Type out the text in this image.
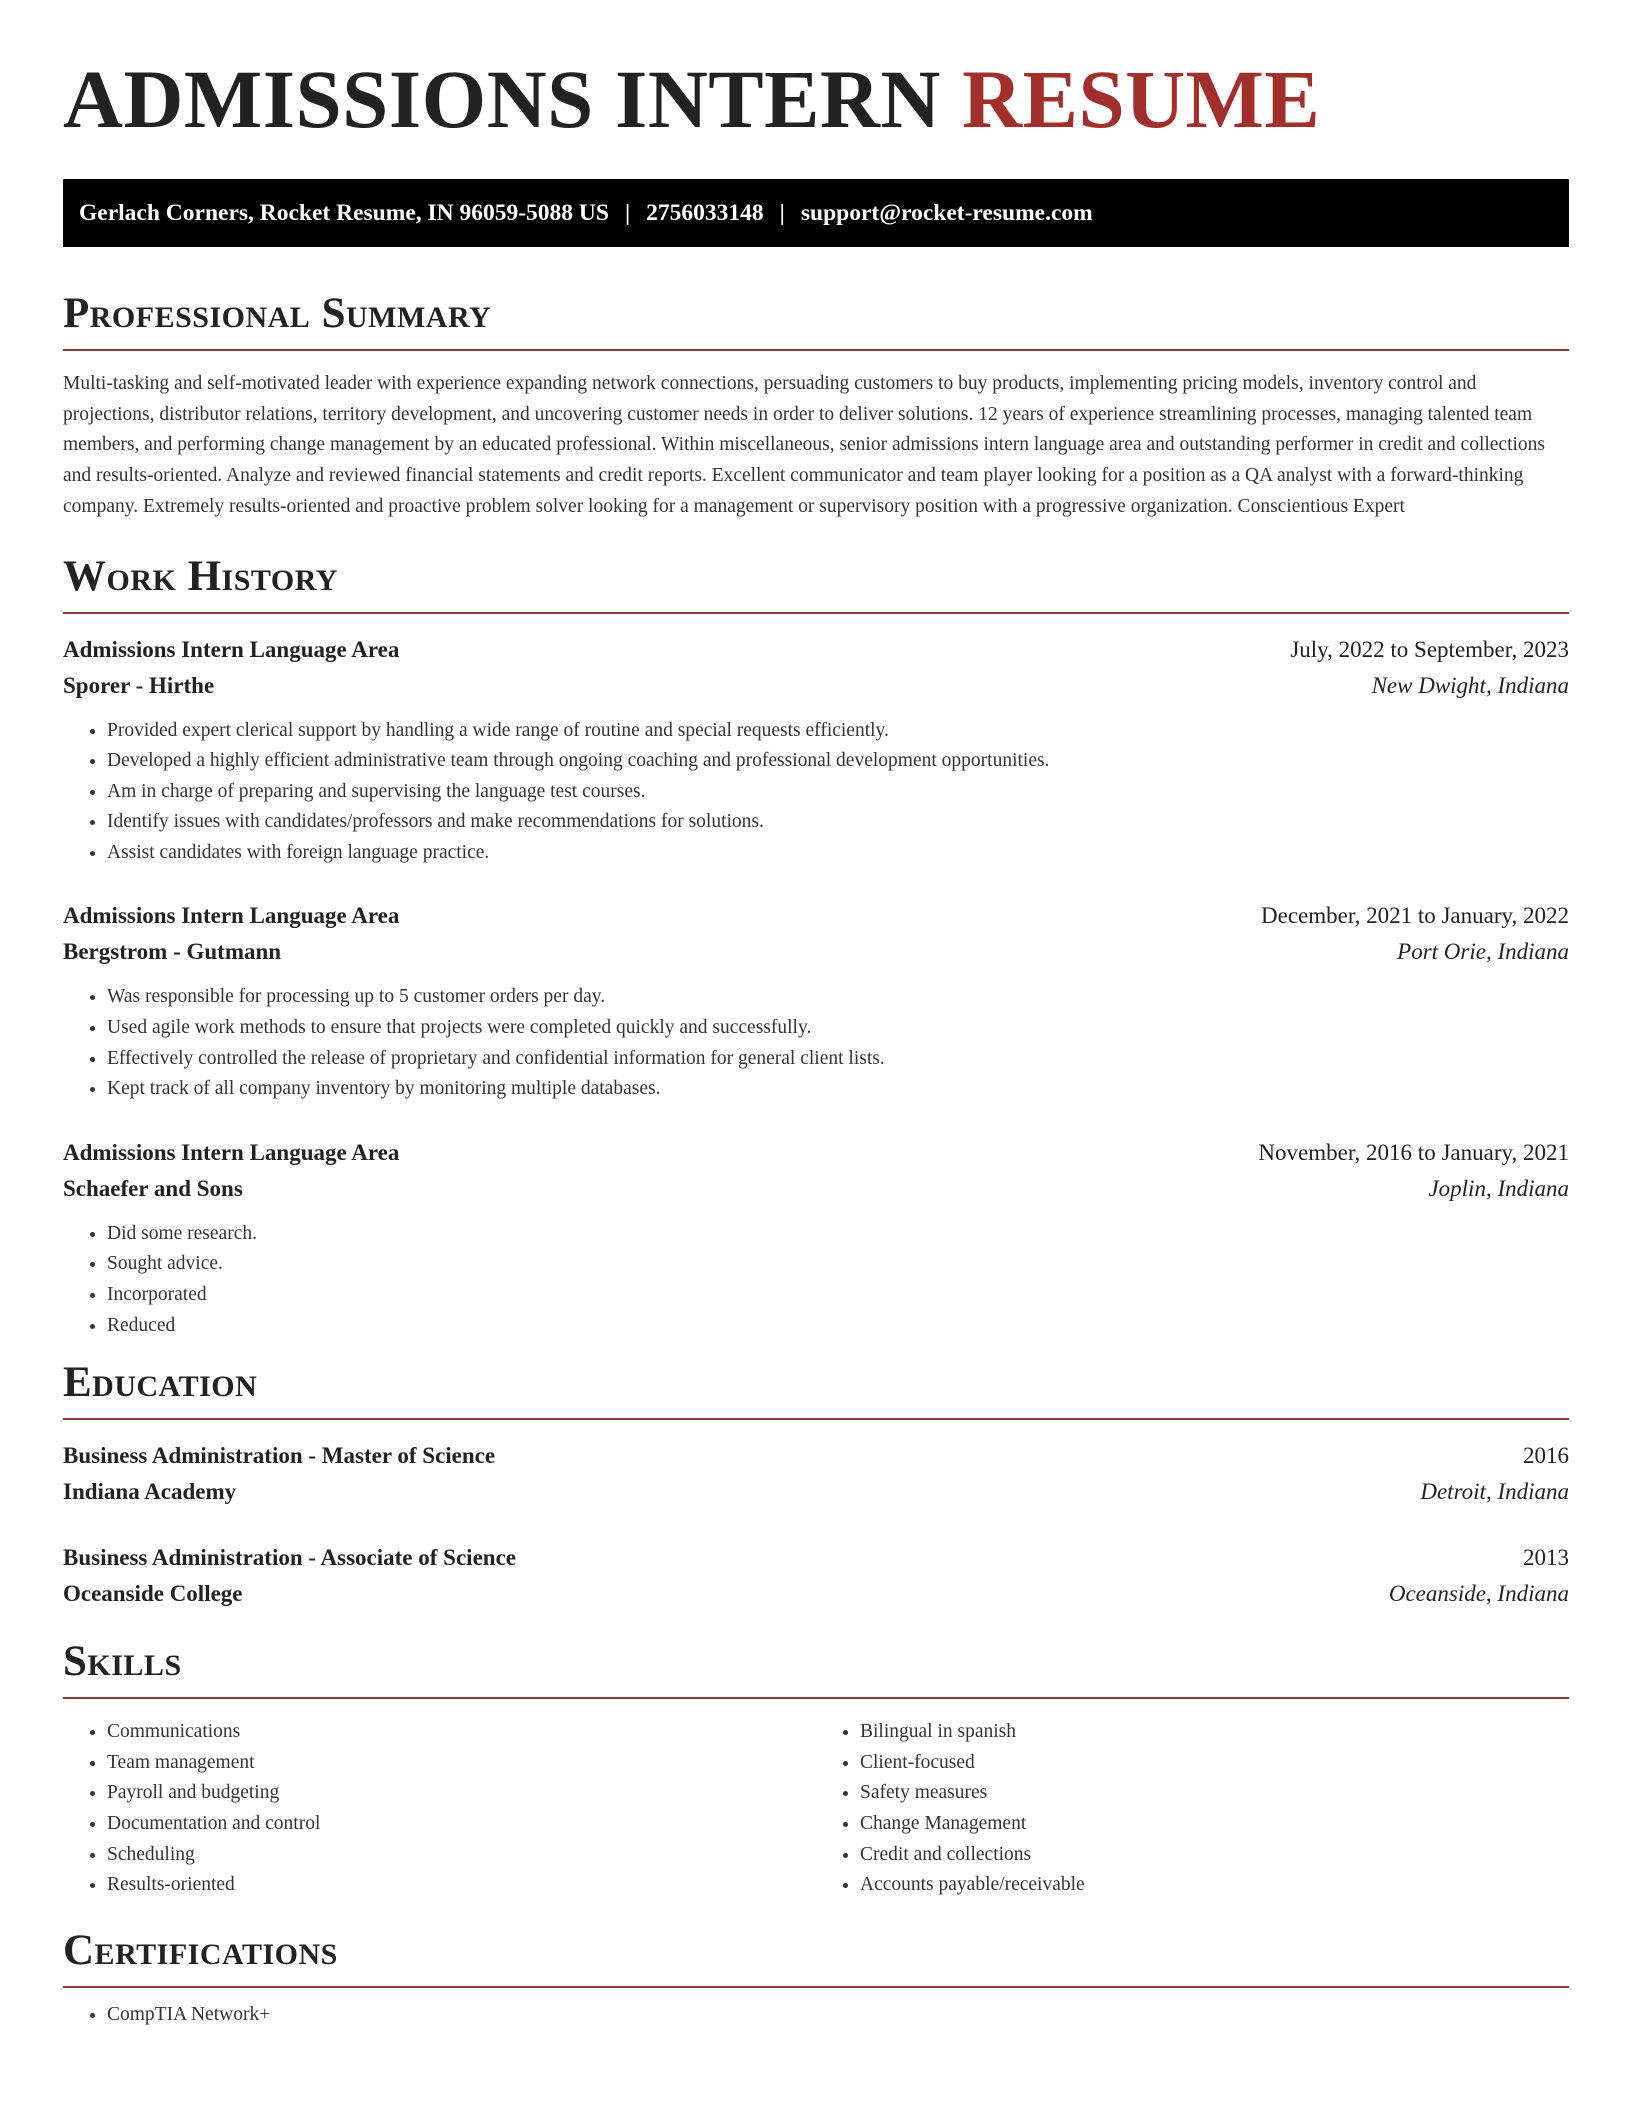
ADMISSIONS INTERN RESUME
Gerlach Corners, Rocket Resume, IN 96059-5088 US | 2756033148 | support@rocket-resume.com
Professional Summary

Multi-tasking and self-motivated leader with experience expanding network connections, persuading customers to buy products, implementing pricing models, inventory control and projections, distributor relations, territory development, and uncovering customer needs in order to deliver solutions. 12 years of experience streamlining processes, managing talented team members, and performing change management by an educated professional. Within miscellaneous, senior admissions intern language area and outstanding performer in credit and collections and results-oriented. Analyze and reviewed financial statements and credit reports. Excellent communicator and team player looking for a position as a QA analyst with a forward-thinking company. Extremely results-oriented and proactive problem solver looking for a management or supervisory position with a progressive organization. Conscientious Expert

Work History
Admissions Intern Language Area	July, 2022 to September, 2023
Sporer - Hirthe	New Dwight, Indiana
• Provided expert clerical support by handling a wide range of routine and special requests efficiently.
• Developed a highly efficient administrative team through ongoing coaching and professional development opportunities.
• Am in charge of preparing and supervising the language test courses.
• Identify issues with candidates/professors and make recommendations for solutions.
• Assist candidates with foreign language practice.
Admissions Intern Language Area	December, 2021 to January, 2022
Bergstrom - Gutmann	Port Orie, Indiana
• Was responsible for processing up to 5 customer orders per day.
• Used agile work methods to ensure that projects were completed quickly and successfully.
• Effectively controlled the release of proprietary and confidential information for general client lists.
• Kept track of all company inventory by monitoring multiple databases.
Admissions Intern Language Area	November, 2016 to January, 2021
Schaefer and Sons	Joplin, Indiana
• Did some research.
• Sought advice.
• Incorporated
• Reduced
Education
Business Administration - Master of Science	2016
Indiana Academy	Detroit, Indiana
Business Administration - Associate of Science	2013
Oceanside College	Oceanside, Indiana
Skills
• Communications
• Team management
• Payroll and budgeting
• Documentation and control
• Scheduling
• Results-oriented
• Bilingual in spanish
• Client-focused
• Safety measures
• Change Management
• Credit and collections
• Accounts payable/receivable
Certifications
• CompTIA Network+
